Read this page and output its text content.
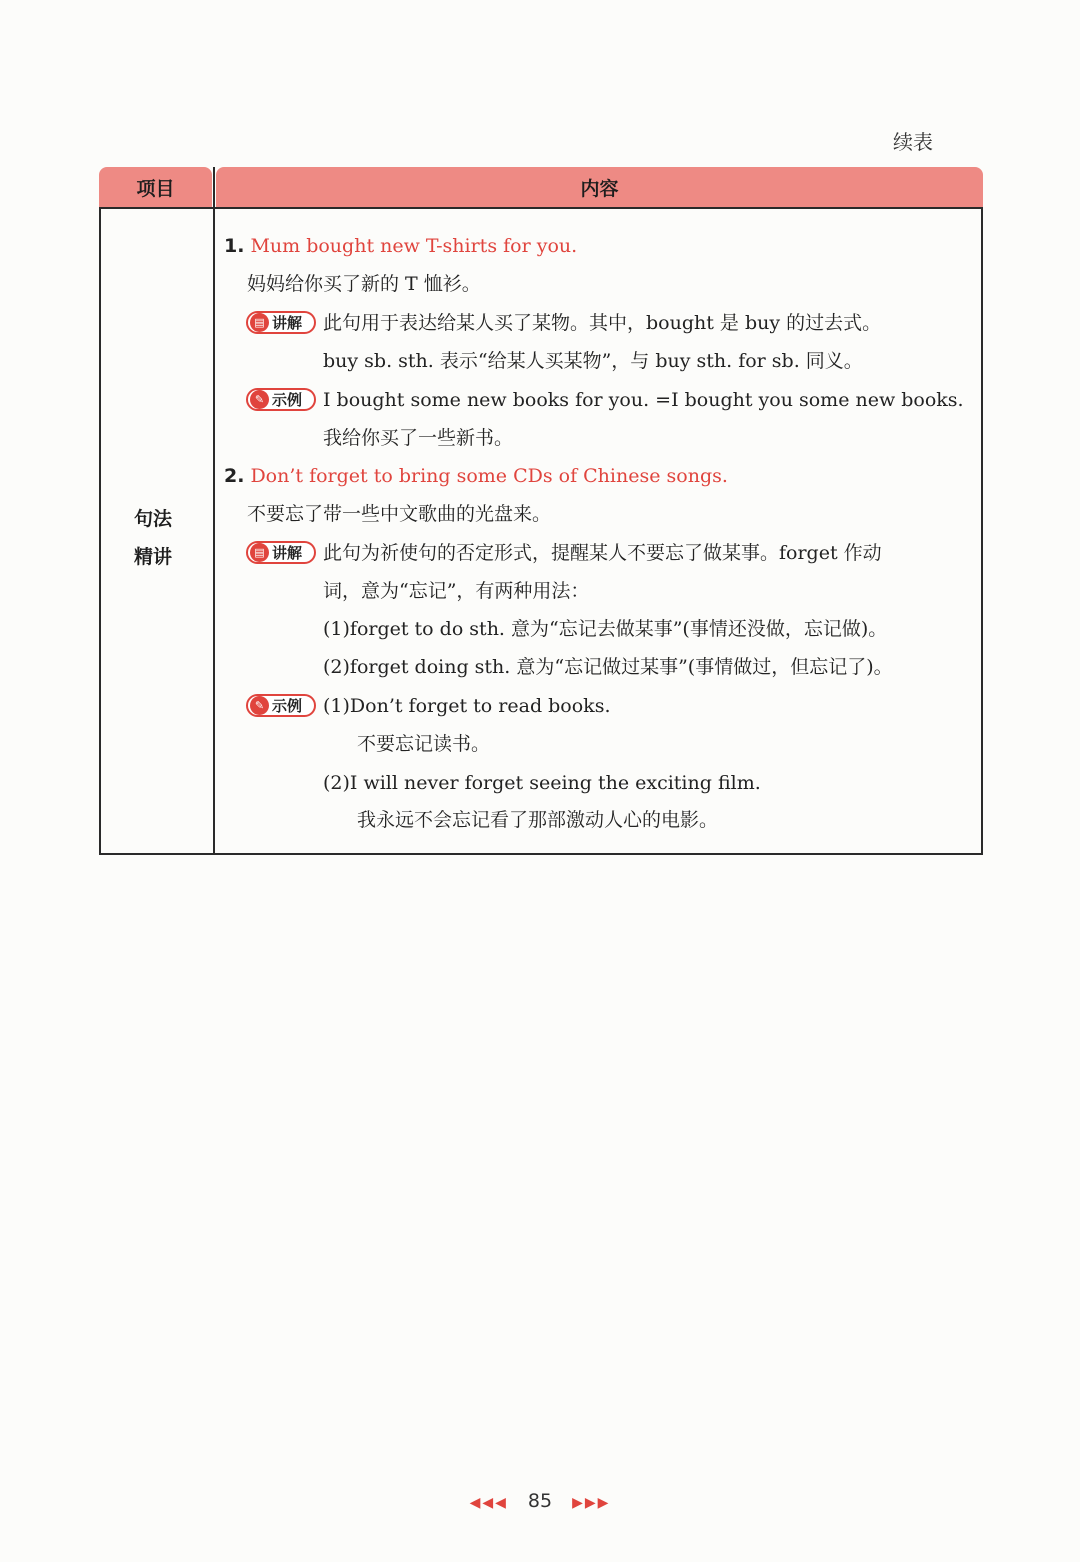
续表
项目	内容
句法
精讲
1. Mum bought new T-shirts for you.
妈妈给你买了新的 T 恤衫。
▤ 讲解 此句用于表达给某人买了某物。其中，bought 是 buy 的过去式。
buy sb. sth. 表示“给某人买某物”，与 buy sth. for sb. 同义。
✎ 示例 I bought some new books for you. =I bought you some new books.
我给你买了一些新书。
2. Don’t forget to bring some CDs of Chinese songs.
不要忘了带一些中文歌曲的光盘来。
▤ 讲解 此句为祈使句的否定形式，提醒某人不要忘了做某事。forget 作动
词，意为“忘记”，有两种用法：
(1)forget to do sth. 意为“忘记去做某事”(事情还没做，忘记做)。
(2)forget doing sth. 意为“忘记做过某事”(事情做过，但忘记了)。
✎ 示例 (1)Don’t forget to read books.
不要忘记读书。
(2)I will never forget seeing the exciting film.
我永远不会忘记看了那部激动人心的电影。
◀◀◀ 85 ▶▶▶
